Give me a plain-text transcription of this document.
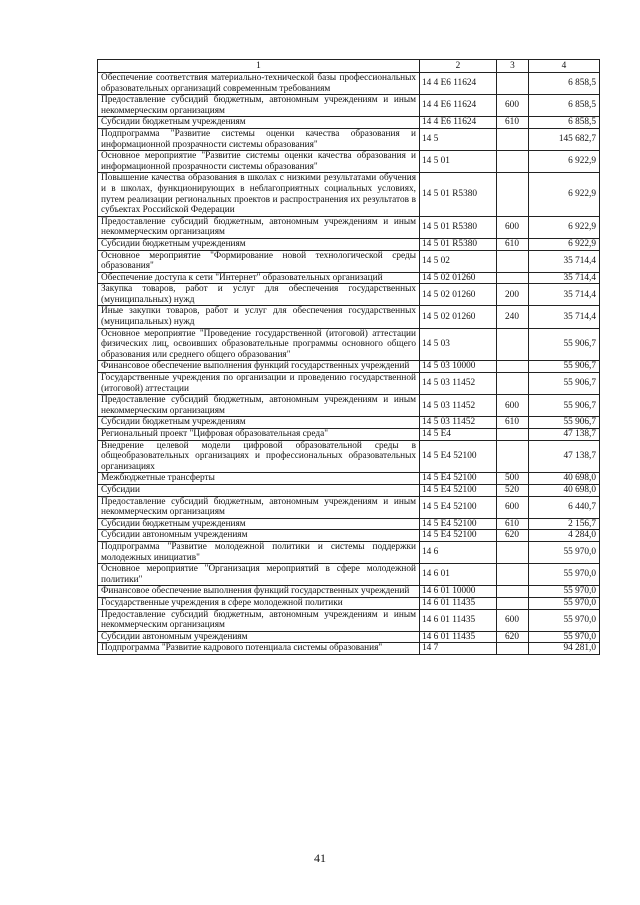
1	2	3	4
Обеспечение соответствия материально-технической базы профессиональных образовательных организаций современным требованиям	14 4 E6 11624		6 858,5
Предоставление субсидий бюджетным, автономным учреждениям и иным некоммерческим организациям	14 4 E6 11624	600	6 858,5
Субсидии бюджетным учреждениям	14 4 E6 11624	610	6 858,5
Подпрограмма "Развитие системы оценки качества образования и информационной прозрачности системы образования"	14 5		145 682,7
Основное мероприятие "Развитие системы оценки качества образования и информационной прозрачности системы образования"	14 5 01		6 922,9
Повышение качества образования в школах с низкими результатами обучения и в школах, функционирующих в неблагоприятных социальных условиях, путем реализации региональных проектов и распространения их результатов в субъектах Российской Федерации	14 5 01 R5380		6 922,9
Предоставление субсидий бюджетным, автономным учреждениям и иным некоммерческим организациям	14 5 01 R5380	600	6 922,9
Субсидии бюджетным учреждениям	14 5 01 R5380	610	6 922,9
Основное мероприятие "Формирование новой технологической среды образования"	14 5 02		35 714,4
Обеспечение доступа к сети "Интернет" образовательных организаций	14 5 02 01260		35 714,4
Закупка товаров, работ и услуг для обеспечения государственных (муниципальных) нужд	14 5 02 01260	200	35 714,4
Иные закупки товаров, работ и услуг для обеспечения государственных (муниципальных) нужд	14 5 02 01260	240	35 714,4
Основное мероприятие "Проведение государственной (итоговой) аттестации физических лиц, освоивших образовательные программы основного общего образования или среднего общего образования"	14 5 03		55 906,7
Финансовое обеспечение выполнения функций государственных учреждений	14 5 03 10000		55 906,7
Государственные учреждения по организации и проведению государственной (итоговой) аттестации	14 5 03 11452		55 906,7
Предоставление субсидий бюджетным, автономным учреждениям и иным некоммерческим организациям	14 5 03 11452	600	55 906,7
Субсидии бюджетным учреждениям	14 5 03 11452	610	55 906,7
Региональный проект "Цифровая образовательная среда"	14 5 E4		47 138,7
Внедрение целевой модели цифровой образовательной среды в общеобразовательных организациях и профессиональных образовательных организациях	14 5 E4 52100		47 138,7
Межбюджетные трансферты	14 5 E4 52100	500	40 698,0
Субсидии	14 5 E4 52100	520	40 698,0
Предоставление субсидий бюджетным, автономным учреждениям и иным некоммерческим организациям	14 5 E4 52100	600	6 440,7
Субсидии бюджетным учреждениям	14 5 E4 52100	610	2 156,7
Субсидии автономным учреждениям	14 5 E4 52100	620	4 284,0
Подпрограмма "Развитие молодежной политики и системы поддержки молодежных инициатив"	14 6		55 970,0
Основное мероприятие "Организация мероприятий в сфере молодежной политики"	14 6 01		55 970,0
Финансовое обеспечение выполнения функций государственных учреждений	14 6 01 10000		55 970,0
Государственные учреждения в сфере молодежной политики	14 6 01 11435		55 970,0
Предоставление субсидий бюджетным, автономным учреждениям и иным некоммерческим организациям	14 6 01 11435	600	55 970,0
Субсидии автономным учреждениям	14 6 01 11435	620	55 970,0
Подпрограмма "Развитие кадрового потенциала системы образования"	14 7		94 281,0
41
